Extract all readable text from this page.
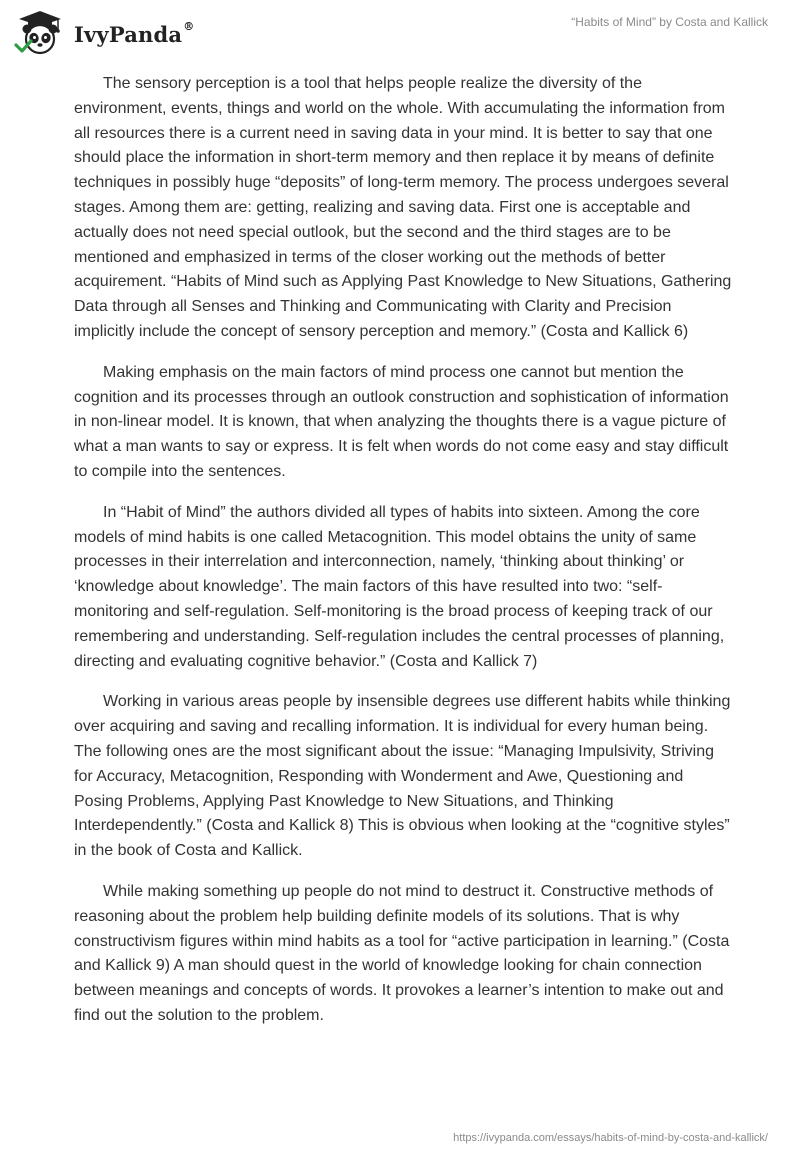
IvyPanda ®	“Habits of Mind” by Costa and Kallick

The sensory perception is a tool that helps people realize the diversity of the environment, events, things and world on the whole. With accumulating the information from all resources there is a current need in saving data in your mind. It is better to say that one should place the information in short-term memory and then replace it by means of definite techniques in possibly huge “deposits” of long-term memory. The process undergoes several stages. Among them are: getting, realizing and saving data. First one is acceptable and actually does not need special outlook, but the second and the third stages are to be mentioned and emphasized in terms of the closer working out the methods of better acquirement. “Habits of Mind such as Applying Past Knowledge to New Situations, Gathering Data through all Senses and Thinking and Communicating with Clarity and Precision implicitly include the concept of sensory perception and memory.” (Costa and Kallick 6)

Making emphasis on the main factors of mind process one cannot but mention the cognition and its processes through an outlook construction and sophistication of information in non-linear model. It is known, that when analyzing the thoughts there is a vague picture of what a man wants to say or express. It is felt when words do not come easy and stay difficult to compile into the sentences.

In “Habit of Mind” the authors divided all types of habits into sixteen. Among the core models of mind habits is one called Metacognition. This model obtains the unity of same processes in their interrelation and interconnection, namely, ‘thinking about thinking’ or ‘knowledge about knowledge’. The main factors of this have resulted into two: “self-monitoring and self-regulation. Self-monitoring is the broad process of keeping track of our remembering and understanding. Self-regulation includes the central processes of planning, directing and evaluating cognitive behavior.” (Costa and Kallick 7)

Working in various areas people by insensible degrees use different habits while thinking over acquiring and saving and recalling information. It is individual for every human being. The following ones are the most significant about the issue: “Managing Impulsivity, Striving for Accuracy, Metacognition, Responding with Wonderment and Awe, Questioning and Posing Problems, Applying Past Knowledge to New Situations, and Thinking Interdependently.” (Costa and Kallick 8) This is obvious when looking at the “cognitive styles” in the book of Costa and Kallick.

While making something up people do not mind to destruct it. Constructive methods of reasoning about the problem help building definite models of its solutions. That is why constructivism figures within mind habits as a tool for “active participation in learning.” (Costa and Kallick 9) A man should quest in the world of knowledge looking for chain connection between meanings and concepts of words. It provokes a learner’s intention to make out and find out the solution to the problem.

https://ivypanda.com/essays/habits-of-mind-by-costa-and-kallick/
